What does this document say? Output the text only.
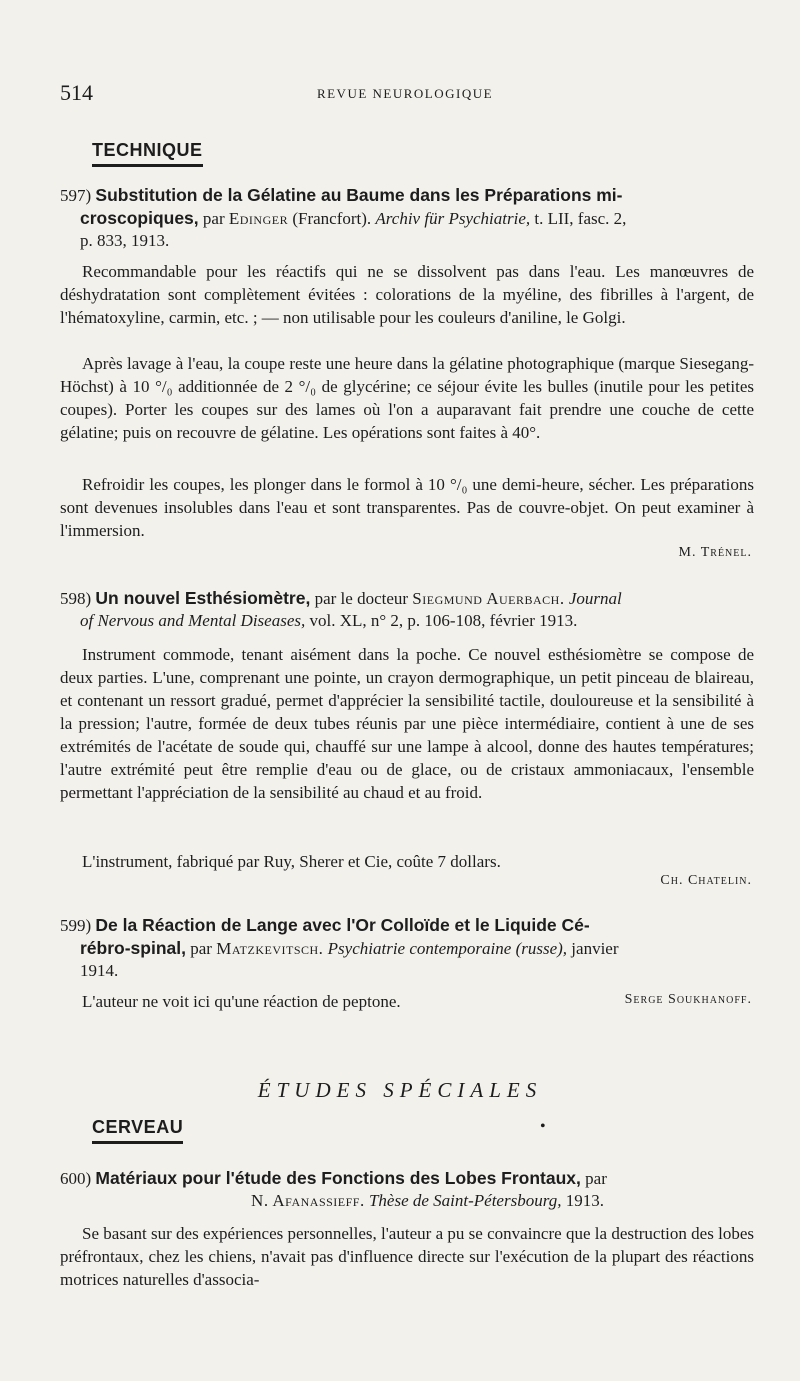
514	REVUE NEUROLOGIQUE
TECHNIQUE
597) Substitution de la Gélatine au Baume dans les Préparations mi-
croscopiques, par Edinger (Francfort). Archiv für Psychiatrie, t. LII, fasc. 2,
p. 833, 1913.
Recommandable pour les réactifs qui ne se dissolvent pas dans l'eau. Les manœuvres de déshydratation sont complètement évitées : colorations de la myéline, des fibrilles à l'argent, de l'hématoxyline, carmin, etc. ; — non utilisable pour les couleurs d'aniline, le Golgi.
Après lavage à l'eau, la coupe reste une heure dans la gélatine photographique (marque Siesegang-Höchst) à 10 °/₀ additionnée de 2 °/₀ de glycérine; ce séjour évite les bulles (inutile pour les petites coupes). Porter les coupes sur des lames où l'on a auparavant fait prendre une couche de cette gélatine; puis on recouvre de gélatine. Les opérations sont faites à 40°.
Refroidir les coupes, les plonger dans le formol à 10 °/₀ une demi-heure, sécher. Les préparations sont devenues insolubles dans l'eau et sont transparentes. Pas de couvre-objet. On peut examiner à l'immersion.
M. Trénel.
598) Un nouvel Esthésiomètre, par le docteur Siegmund Auerbach. Journal
of Nervous and Mental Diseases, vol. XL, n° 2, p. 106-108, février 1913.
Instrument commode, tenant aisément dans la poche. Ce nouvel esthésiomètre se compose de deux parties. L'une, comprenant une pointe, un crayon dermographique, un petit pinceau de blaireau, et contenant un ressort gradué, permet d'apprécier la sensibilité tactile, douloureuse et la sensibilité à la pression; l'autre, formée de deux tubes réunis par une pièce intermédiaire, contient à une de ses extrémités de l'acétate de soude qui, chauffé sur une lampe à alcool, donne des hautes températures; l'autre extrémité peut être remplie d'eau ou de glace, ou de cristaux ammoniacaux, l'ensemble permettant l'appréciation de la sensibilité au chaud et au froid.
L'instrument, fabriqué par Ruy, Sherer et Cie, coûte 7 dollars.
Ch. Chatelin.
599) De la Réaction de Lange avec l'Or Colloïde et le Liquide Cé-
rébro-spinal, par Matzkevitsch. Psychiatrie contemporaine (russe), janvier
1914.
L'auteur ne voit ici qu'une réaction de peptone.	Serge Soukhanoff.
ÉTUDES SPÉCIALES
CERVEAU	•
600) Matériaux pour l'étude des Fonctions des Lobes Frontaux, par
N. Afanassieff. Thèse de Saint-Pétersbourg, 1913.
Se basant sur des expériences personnelles, l'auteur a pu se convaincre que la destruction des lobes préfrontaux, chez les chiens, n'avait pas d'influence directe sur l'exécution de la plupart des réactions motrices naturelles d'associa-
